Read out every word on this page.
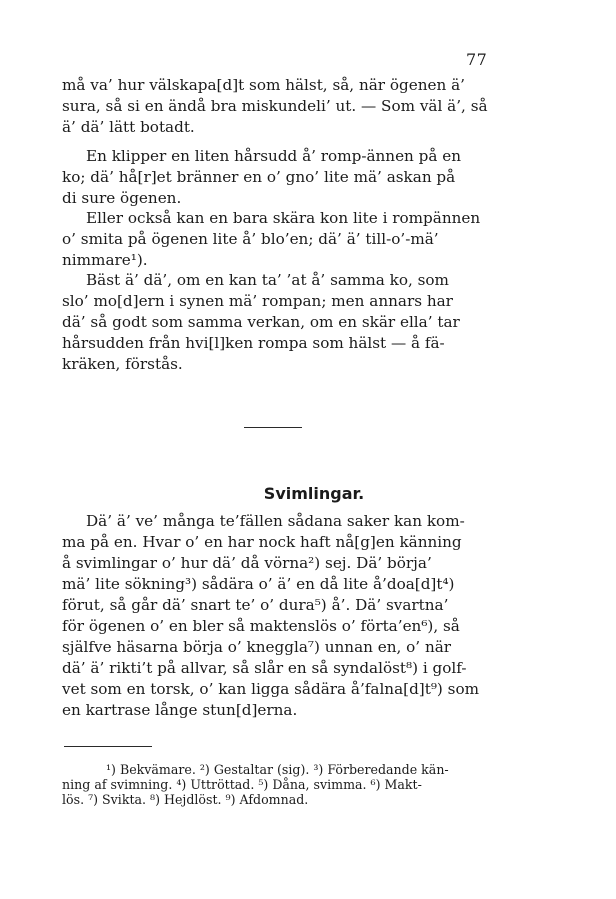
77
må va’ hur välskapa[d]t som hälst, så, när ögenen ä’
sura, så si en ändå bra miskundeli’ ut. — Som väl ä’, så
ä’ dä’ lätt botadt.
En klipper en liten hårsudd å’ romp-ännen på en
ko; dä’ hå[r]et bränner en o’ gno’ lite mä’ askan på
di sure ögenen.
Eller också kan en bara skära kon lite i rompännen
o’ smita på ögenen lite å’ blo’en; dä’ ä’ till-o’-mä’
nimmare¹).
Bäst ä’ dä’, om en kan ta’ ’at å’ samma ko, som
slo’ mo[d]ern i synen mä’ rompan; men annars har
dä’ så godt som samma verkan, om en skär ella’ tar
hårsudden från hvi[l]ken rompa som hälst — å fä-
kräken, förstås.
Svimlingar.
Dä’ ä’ ve’ många te’fällen sådana saker kan kom-
ma på en. Hvar o’ en har nock haft nå[g]en känning
å svimlingar o’ hur dä’ då vörna²) sej. Dä’ börja’
mä’ lite sökning³) sådära o’ ä’ en då lite å’doa[d]t⁴)
förut, så går dä’ snart te’ o’ dura⁵) å’. Dä’ svartna’
för ögenen o’ en bler så maktenslös o’ förta’en⁶), så
själfve häsarna börja o’ kneggla⁷) unnan en, o’ när
dä’ ä’ rikti’t på allvar, så slår en så syndalöst⁸) i golf-
vet som en torsk, o’ kan ligga sådära å’falna[d]t⁹) som
en kartrase långe stun[d]erna.
¹) Bekvämare. ²) Gestaltar (sig). ³) Förberedande kän-
ning af svimning. ⁴) Uttröttad. ⁵) Dåna, svimma. ⁶) Makt-
lös. ⁷) Svikta. ⁸) Hejdlöst. ⁹) Afdomnad.
